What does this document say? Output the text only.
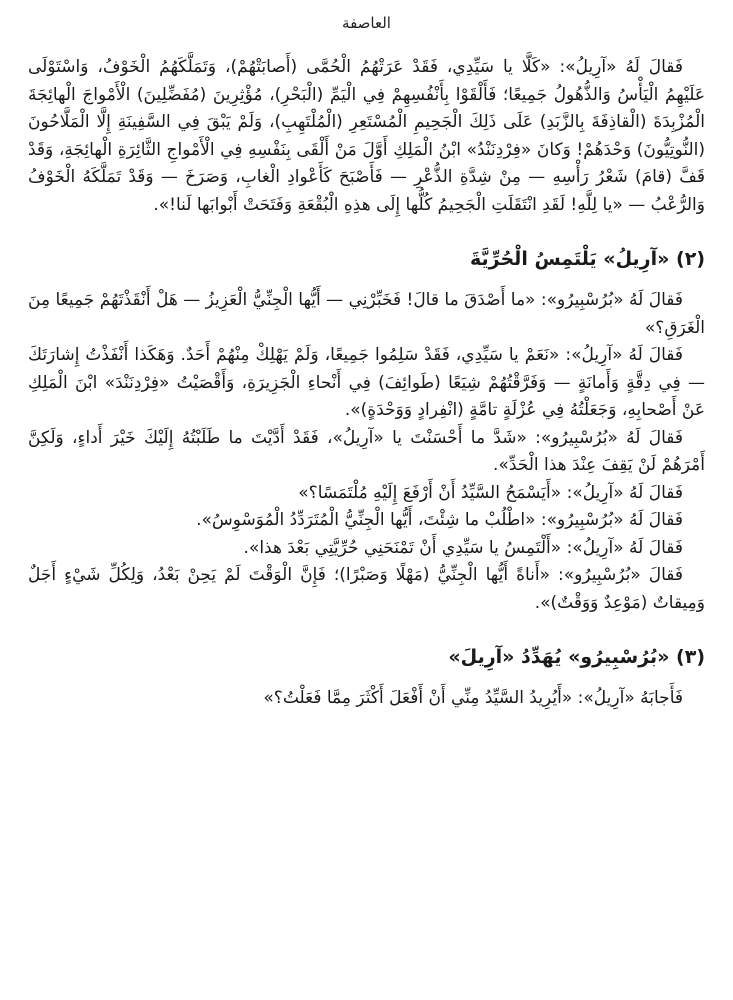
العاصفة

فَقالَ لَهُ «آرِيلُ»: «كَلَّا يا سَيِّدِي، فَقَدْ عَرَتْهُمُ الْحُمَّى (أَصابَتْهُمْ)، وَتَمَلَّكَهُمُ الْخَوْفُ، وَاسْتَوْلَى عَلَيْهِمُ الْيَأْسُ وَالذُّهُولُ جَمِيعًا؛ فَأَلْقَوْا بِأَنْفُسِهِمْ فِي الْيَمِّ (الْبَحْرِ)، مُؤْثِرِينَ (مُفَضِّلِينَ) الْأَمْواجَ الْهائِجَةَ الْمُزْبِدَةَ (الْقاذِفَةَ بِالزَّبَدِ) عَلَى ذَلِكَ الْجَحِيمِ الْمُسْتَعِرِ (الْمُلْتَهِبِ)، وَلَمْ يَبْقَ فِي السَّفِينَةِ إِلَّا الْمَلَّاحُونَ (النُّوتِيُّونَ) وَحْدَهُمْ! وَكانَ «فِرْدِنَنْدُ» ابْنُ الْمَلِكِ أَوَّلَ مَنْ أَلْقَى بِنَفْسِهِ فِي الْأَمْواجِ الثَّائِرَةِ الْهائِجَةِ، وَقَدْ قَفَّ (قامَ) شَعْرُ رَأْسِهِ — مِنْ شِدَّةِ الذُّعْرِ — فَأَصْبَحَ كَأَعْوادِ الْغابِ، وَصَرَخَ — وَقَدْ تَمَلَّكَهُ الْخَوْفُ وَالرُّعْبُ — «يا لِلَّهِ! لَقَدِ انْتَقَلَتِ الْجَحِيمُ كُلُّها إِلَى هذِهِ الْبُقْعَةِ وَفَتَحَتْ أَبْوابَها لَنا!».

(٢) «آرِيلُ» يَلْتَمِسُ الْحُرِّيَّةَ

فَقالَ لَهُ «بُرُسْبِيرُو»: «ما أَصْدَقَ ما قالَ! فَخَبِّرْنِي — أَيُّها الْجِنِّيُّ الْعَزِيزُ — هَلْ أَنْقَذْتَهُمْ جَمِيعًا مِنَ الْغَرَقِ؟»

فَقالَ لَهُ «آرِيلُ»: «نَعَمْ يا سَيِّدِي، فَقَدْ سَلِمُوا جَمِيعًا، وَلَمْ يَهْلِكْ مِنْهُمْ أَحَدٌ. وَهَكَذا أَنْفَذْتُ إِشارَتَكَ — فِي دِقَّةٍ وَأَمانَةٍ — وَفَرَّقْتُهُمْ شِيَعًا (طَوائِفَ) فِي أَنْحاءِ الْجَزِيرَةِ، وَأَقْصَيْتُ «فِرْدِنَنْدَ» ابْنَ الْمَلِكِ عَنْ أَصْحابِهِ، وَجَعَلْتُهُ فِي عُزْلَةٍ تامَّةٍ (انْفِرادٍ وَوَحْدَةٍ)».

فَقالَ لَهُ «بُرُسْبِيرُو»: «شَدَّ ما أَحْسَنْتَ يا «آرِيلُ»، فَقَدْ أَدَّيْتَ ما طَلَبْتُهُ إِلَيْكَ خَيْرَ أَداءٍ، وَلَكِنَّ أَمْرَهُمْ لَنْ يَقِفَ عِنْدَ هذا الْحَدِّ».

فَقالَ لَهُ «آرِيلُ»: «أَيَسْمَحُ السَّيِّدُ أَنْ أَرْفَعَ إِلَيْهِ مُلْتَمَسًا؟»

فَقالَ لَهُ «بُرُسْبِيرُو»: «اطْلُبْ ما شِئْتَ، أَيُّها الْجِنِّيُّ الْمُتَرَدِّدُ الْمُوَسْوِسُ».

فَقالَ لَهُ «آرِيلُ»: «أَلْتَمِسُ يا سَيِّدِي أَنْ تَمْنَحَنِي حُرِّيَّتِي بَعْدَ هذا».

فَقالَ «بُرُسْبِيرُو»: «أَناةً أَيُّها الْجِنِّيُّ (مَهْلًا وَصَبْرًا)؛ فَإِنَّ الْوَقْتَ لَمْ يَحِنْ بَعْدُ، وَلِكُلِّ شَيْءٍ أَجَلٌ وَمِيقاتٌ (مَوْعِدٌ وَوَقْتٌ)».

(٣) «بُرُسْبِيرُو» يُهَدِّدُ «آرِيلَ»

فَأَجابَهُ «آرِيلُ»: «أَيُرِيدُ السَّيِّدُ مِنِّي أَنْ أَفْعَلَ أَكْثَرَ مِمَّا فَعَلْتُ؟»
